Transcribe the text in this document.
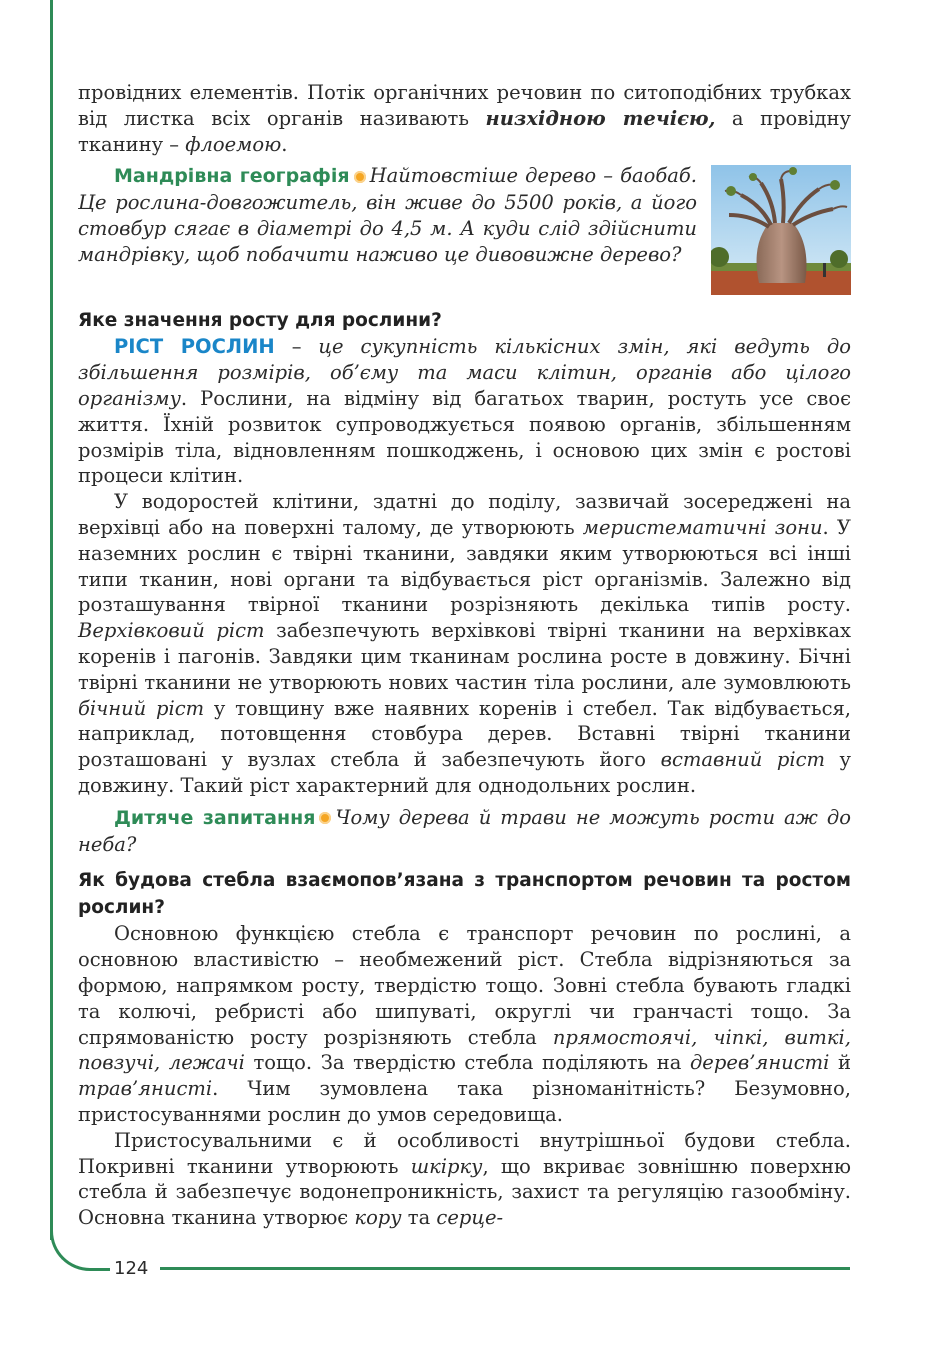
124

провідних елементів. Потік органічних речовин по ситоподібних трубках від листка всіх органів називають низхідною течією, а провідну тканину – флоемою.

Мандрівна географія Найтовстіше дерево – баобаб. Це рослина-довгожитель, він живе до 5500 років, а його стовбур сягає в діаметрі до 4,5 м. А куди слід здійснити мандрівку, щоб побачити наживо це дивовижне дерево?

Яке значення росту для рослини?

РІСТ РОСЛИН – це сукупність кількісних змін, які ведуть до збільшення розмірів, об’єму та маси клітин, органів або цілого організму. Рослини, на відміну від багатьох тварин, ростуть усе своє життя. Їхній розвиток супроводжується появою органів, збільшенням розмірів тіла, відновленням пошкоджень, і основою цих змін є ростові процеси клітин.

У водоростей клітини, здатні до поділу, зазвичай зосереджені на верхівці або на поверхні талому, де утворюють меристематичні зони. У наземних рослин є твірні тканини, завдяки яким утворюються всі інші типи тканин, нові органи та відбувається ріст організмів. Залежно від розташування твірної тканини розрізняють декілька типів росту. Верхівковий ріст забезпечують верхівкові твірні тканини на верхівках коренів і пагонів. Завдяки цим тканинам рослина росте в довжину. Бічні твірні тканини не утворюють нових частин тіла рослини, але зумовлюють бічний ріст у товщину вже наявних коренів і стебел. Так відбувається, наприклад, потовщення стовбура дерев. Вставні твірні тканини розташовані у вузлах стебла й забезпечують його вставний ріст у довжину. Такий ріст характерний для однодольних рослин.

Дитяче запитання Чому дерева й трави не можуть рости аж до неба?

Як будова стебла взаємопов’язана з транспортом речовин та ростом рослин?

Основною функцією стебла є транспорт речовин по рослині, а основною властивістю – необмежений ріст. Стебла відрізняються за формою, напрямком росту, твердістю тощо. Зовні стебла бувають гладкі та колючі, ребристі або шипуваті, округлі чи гранчасті тощо. За спрямованістю росту розрізняють стебла прямостоячі, чіпкі, виткі, повзучі, лежачі тощо. За твердістю стебла поділяють на дерев’янисті й трав’янисті. Чим зумовлена така різноманітність? Безумовно, пристосуваннями рослин до умов середовища.

Пристосувальними є й особливості внутрішньої будови стебла. Покривні тканини утворюють шкірку, що вкриває зовнішню поверхню стебла й забезпечує водонепроникність, захист та регуляцію газообміну. Основна тканина утворює кору та серце-
